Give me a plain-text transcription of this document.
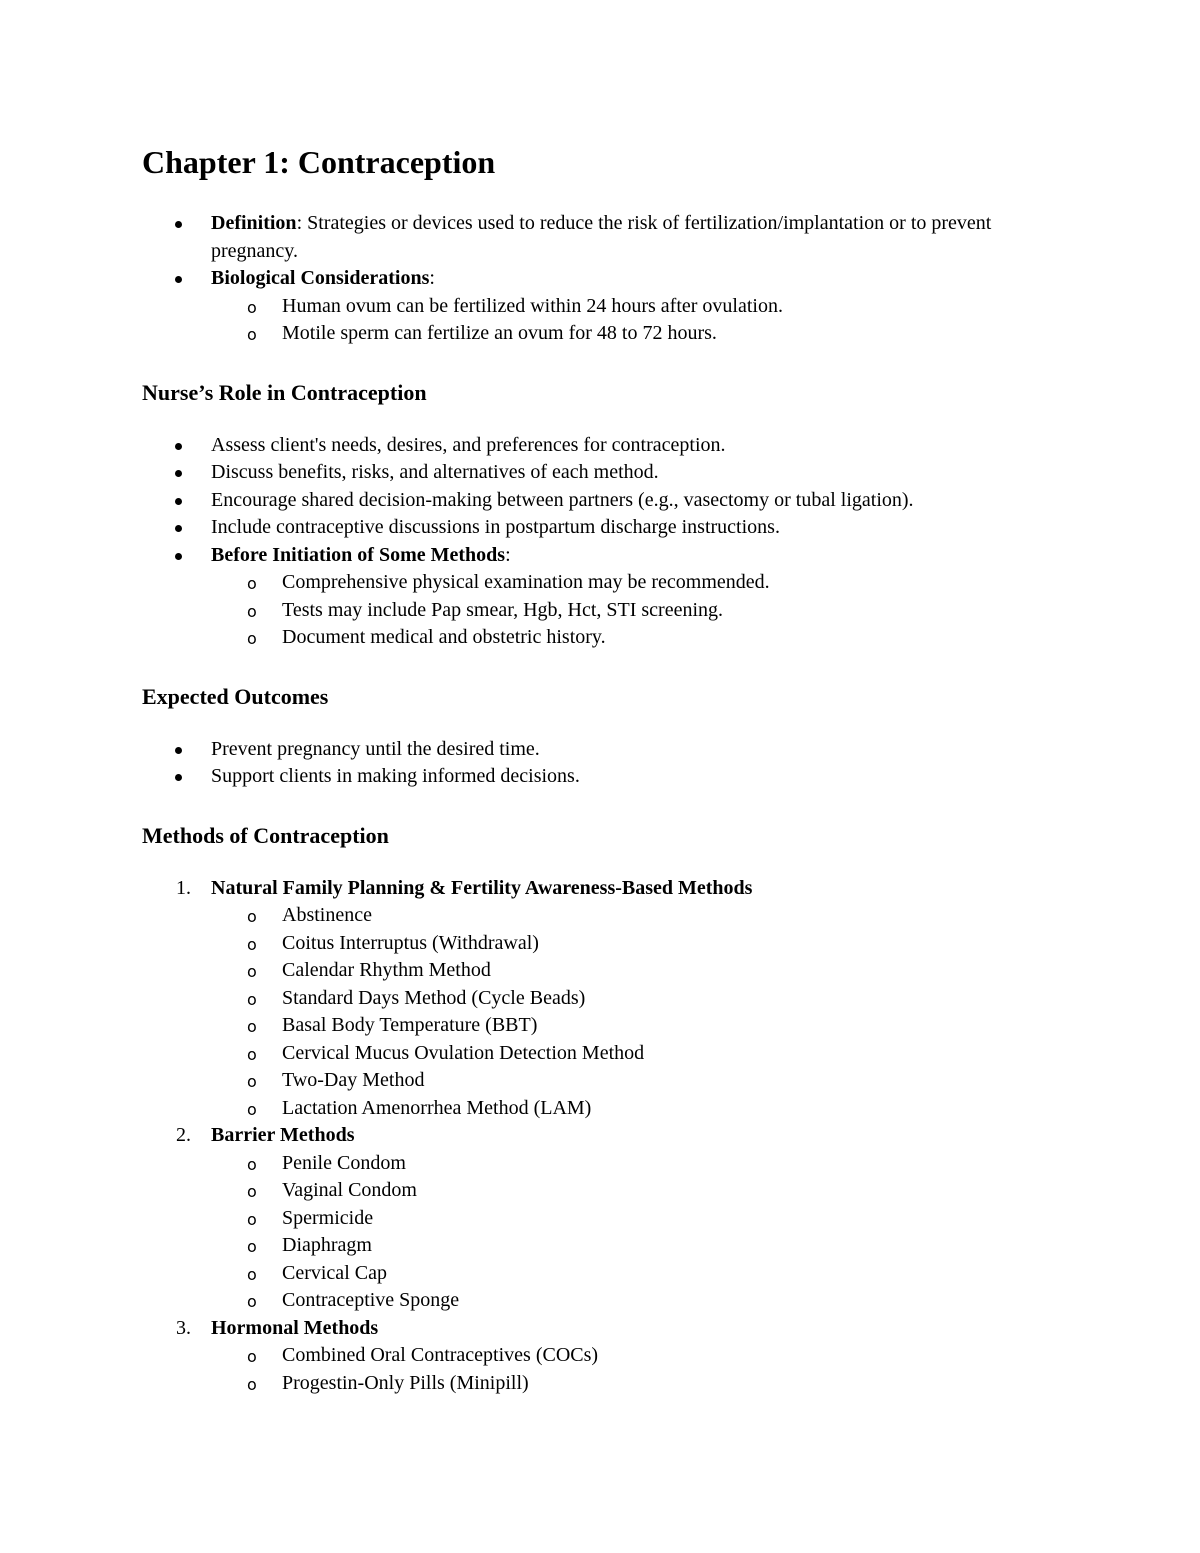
Chapter 1: Contraception
Definition: Strategies or devices used to reduce the risk of fertilization/implantation or to prevent pregnancy.
Biological Considerations:
o Human ovum can be fertilized within 24 hours after ovulation.
o Motile sperm can fertilize an ovum for 48 to 72 hours.
Nurse’s Role in Contraception
Assess client's needs, desires, and preferences for contraception.
Discuss benefits, risks, and alternatives of each method.
Encourage shared decision-making between partners (e.g., vasectomy or tubal ligation).
Include contraceptive discussions in postpartum discharge instructions.
Before Initiation of Some Methods:
o Comprehensive physical examination may be recommended.
o Tests may include Pap smear, Hgb, Hct, STI screening.
o Document medical and obstetric history.
Expected Outcomes
Prevent pregnancy until the desired time.
Support clients in making informed decisions.
Methods of Contraception
1. Natural Family Planning & Fertility Awareness-Based Methods
o Abstinence
o Coitus Interruptus (Withdrawal)
o Calendar Rhythm Method
o Standard Days Method (Cycle Beads)
o Basal Body Temperature (BBT)
o Cervical Mucus Ovulation Detection Method
o Two-Day Method
o Lactation Amenorrhea Method (LAM)
2. Barrier Methods
o Penile Condom
o Vaginal Condom
o Spermicide
o Diaphragm
o Cervical Cap
o Contraceptive Sponge
3. Hormonal Methods
o Combined Oral Contraceptives (COCs)
o Progestin-Only Pills (Minipill)
